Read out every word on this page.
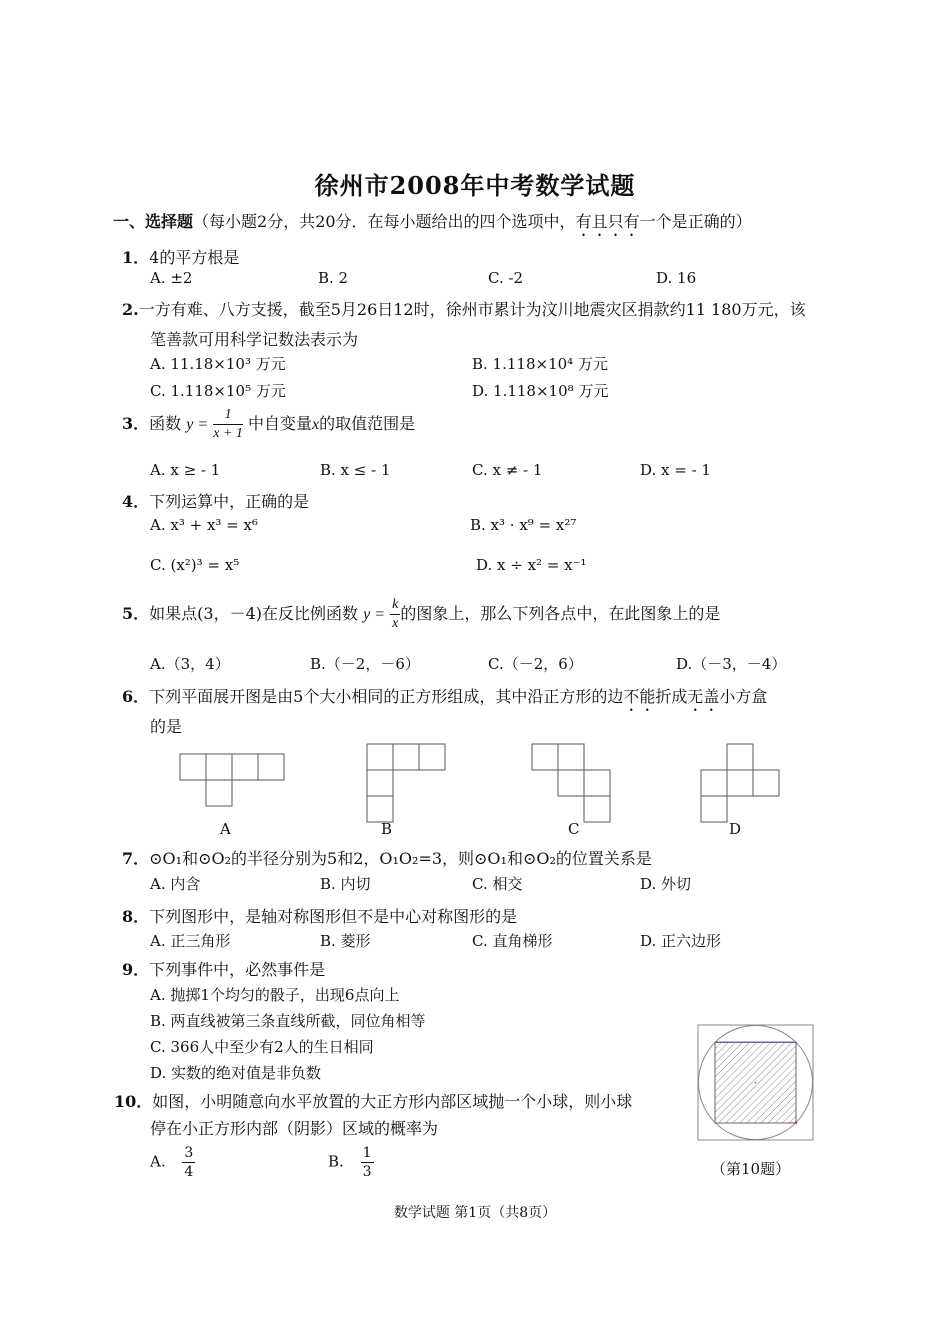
徐州市2008年中考数学试题
一、选择题（每小题2分，共20分．在每小题给出的四个选项中，有且只有一个是正确的）
1．4的平方根是
A. ±2	B. 2	C. -2	D. 16
2.一方有难、八方支援，截至5月26日12时，徐州市累计为汶川地震灾区捐款约11 180万元，该
笔善款可用科学记数法表示为
A. 11.18×10³ 万元	B. 1.118×10⁴ 万元
C. 1.118×10⁵ 万元	D. 1.118×10⁸ 万元
3．函数 $y = \frac{1}{x + 1}$ 中自变量x的取值范围是
A. x ≥ - 1	B. x ≤ - 1	C. x ≠ - 1	D. x = - 1
4．下列运算中，正确的是
A. x³ + x³ = x⁶	B. x³ · x⁹ = x²⁷
C. (x²)³ = x⁵	D. x ÷ x² = x⁻¹
5．如果点(3，－4)在反比例函数 $y = \frac{k}{x}$ 的图象上，那么下列各点中，在此图象上的是
A.（3，4）	B.（－2，－6）	C.（－2，6）	D.（－3，－4）
6．下列平面展开图是由5个大小相同的正方形组成，其中沿正方形的边不能折成无盖小方盒
的是
A	B	C	D
7．⊙O₁和⊙O₂的半径分别为5和2，O₁O₂=3，则⊙O₁和⊙O₂的位置关系是
A. 内含	B. 内切	C. 相交	D. 外切
8．下列图形中，是轴对称图形但不是中心对称图形的是
A. 正三角形	B. 菱形	C. 直角梯形	D. 正六边形
9．下列事件中，必然事件是
A. 抛掷1个均匀的骰子，出现6点向上
B. 两直线被第三条直线所截，同位角相等
C. 366人中至少有2人的生日相同
D. 实数的绝对值是非负数
10．如图，小明随意向水平放置的大正方形内部区域抛一个小球，则小球
停在小正方形内部（阴影）区域的概率为
A. $\frac{3}{4}$	B. $\frac{1}{3}$	（第10题）
数学试题 第1页（共8页）
